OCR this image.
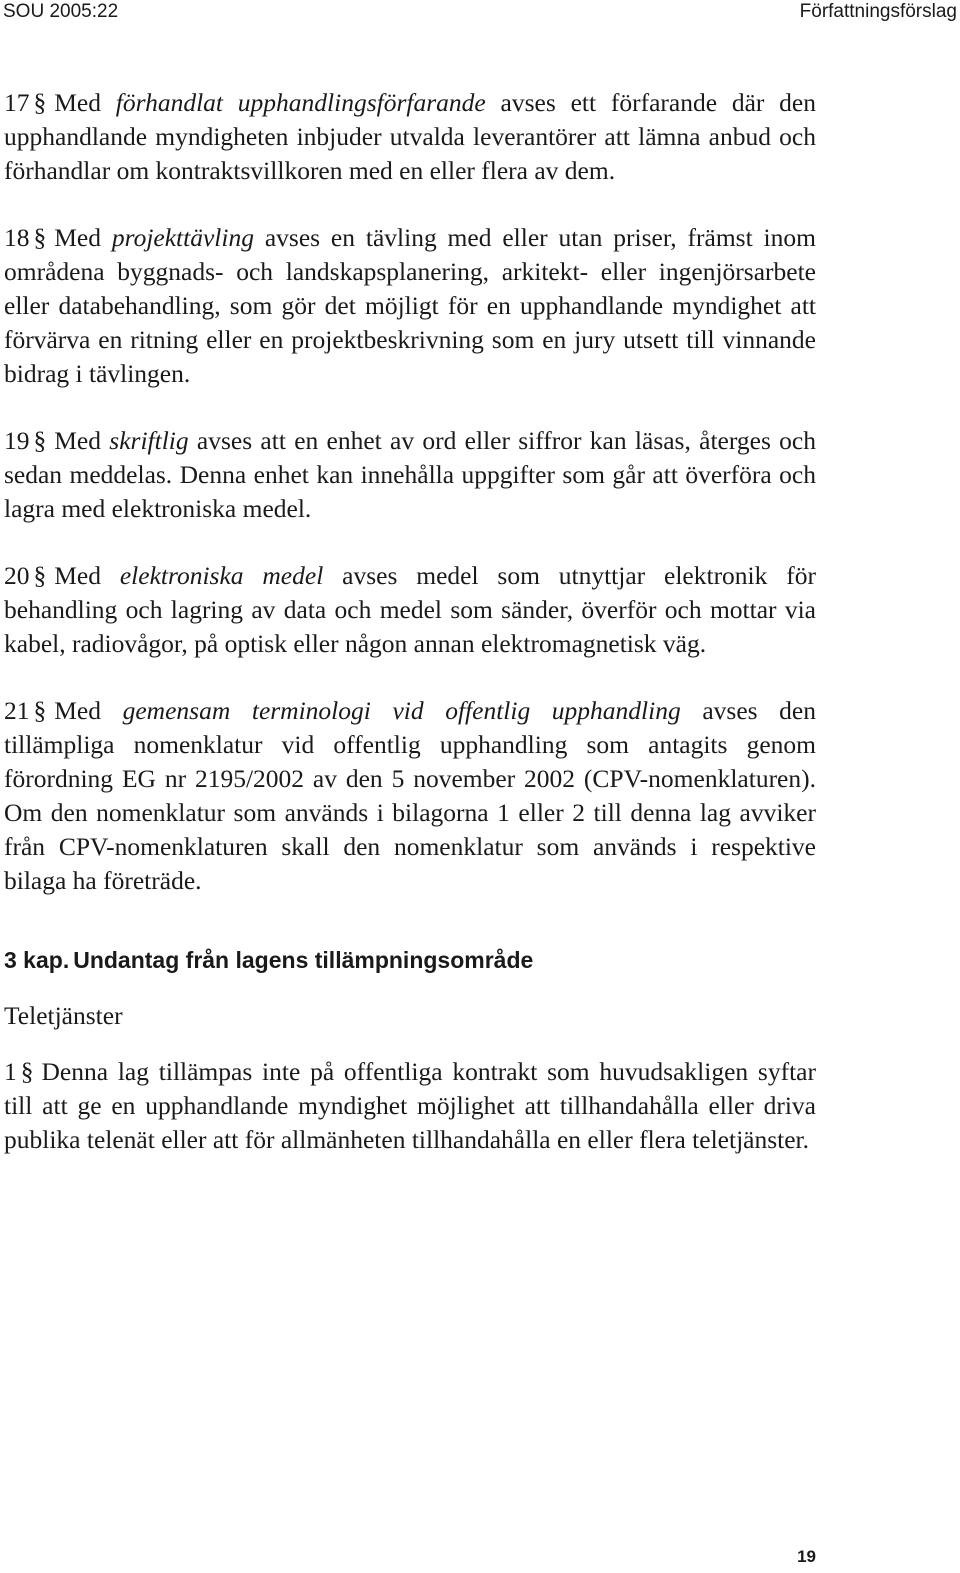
SOU 2005:22	Författningsförslag

17 § Med förhandlat upphandlingsförfarande avses ett förfarande där den upphandlande myndigheten inbjuder utvalda leverantörer att lämna anbud och förhandlar om kontraktsvillkoren med en eller flera av dem.

18 § Med projekttävling avses en tävling med eller utan priser, främst inom områdena byggnads- och landskapsplanering, arkitekt- eller ingenjörsarbete eller databehandling, som gör det möjligt för en upphandlande myndighet att förvärva en ritning eller en projektbeskrivning som en jury utsett till vinnande bidrag i tävlingen.

19 § Med skriftlig avses att en enhet av ord eller siffror kan läsas, återges och sedan meddelas. Denna enhet kan innehålla uppgifter som går att överföra och lagra med elektroniska medel.

20 § Med elektroniska medel avses medel som utnyttjar elektronik för behandling och lagring av data och medel som sänder, överför och mottar via kabel, radiovågor, på optisk eller någon annan elektromagnetisk väg.

21 § Med gemensam terminologi vid offentlig upphandling avses den tillämpliga nomenklatur vid offentlig upphandling som antagits genom förordning EG nr 2195/2002 av den 5 november 2002 (CPV-nomenklaturen). Om den nomenklatur som används i bilagorna 1 eller 2 till denna lag avviker från CPV-nomenklaturen skall den nomenklatur som används i respektive bilaga ha företräde.

3 kap. Undantag från lagens tillämpningsområde
Teletjänster

1 § Denna lag tillämpas inte på offentliga kontrakt som huvudsakligen syftar till att ge en upphandlande myndighet möjlighet att tillhandahålla eller driva publika telenät eller att för allmänheten tillhandahålla en eller flera teletjänster.

19
